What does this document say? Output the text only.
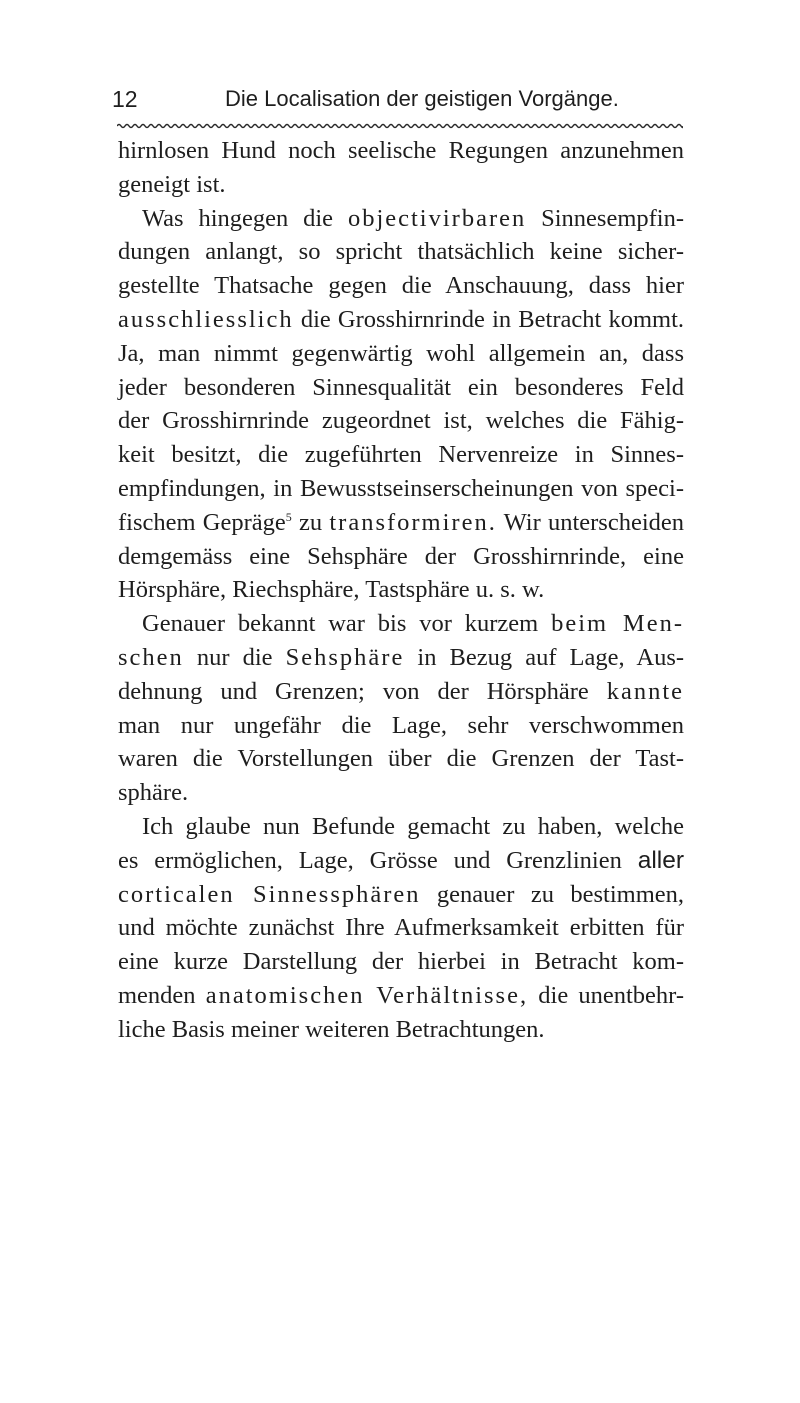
12	Die Localisation der geistigen Vorgänge.
hirnlosen Hund noch seelische Regungen anzunehmen
geneigt ist.
Was hingegen die objectivirbaren Sinnesempfin-
dungen anlangt, so spricht thatsächlich keine sicher-
gestellte Thatsache gegen die Anschauung, dass hier
ausschliesslich die Grosshirnrinde in Betracht kommt.
Ja, man nimmt gegenwärtig wohl allgemein an, dass
jeder besonderen Sinnesqualität ein besonderes Feld
der Grosshirnrinde zugeordnet ist, welches die Fähig-
keit besitzt, die zugeführten Nervenreize in Sinnes-
empfindungen, in Bewusstseinserscheinungen von speci-
fischem Gepräge$^5$ zu transformiren. Wir unterscheiden
demgemäss eine Sehsphäre der Grosshirnrinde, eine
Hörsphäre, Riechsphäre, Tastsphäre u. s. w.
Genauer bekannt war bis vor kurzem beim Men-
schen nur die Sehsphäre in Bezug auf Lage, Aus-
dehnung und Grenzen; von der Hörsphäre kannte
man nur ungefähr die Lage, sehr verschwommen
waren die Vorstellungen über die Grenzen der Tast-
sphäre.
Ich glaube nun Befunde gemacht zu haben, welche
es ermöglichen, Lage, Grösse und Grenzlinien aller
corticalen Sinnessphären genauer zu bestimmen,
und möchte zunächst Ihre Aufmerksamkeit erbitten für
eine kurze Darstellung der hierbei in Betracht kom-
menden anatomischen Verhältnisse, die unentbehr-
liche Basis meiner weiteren Betrachtungen.
